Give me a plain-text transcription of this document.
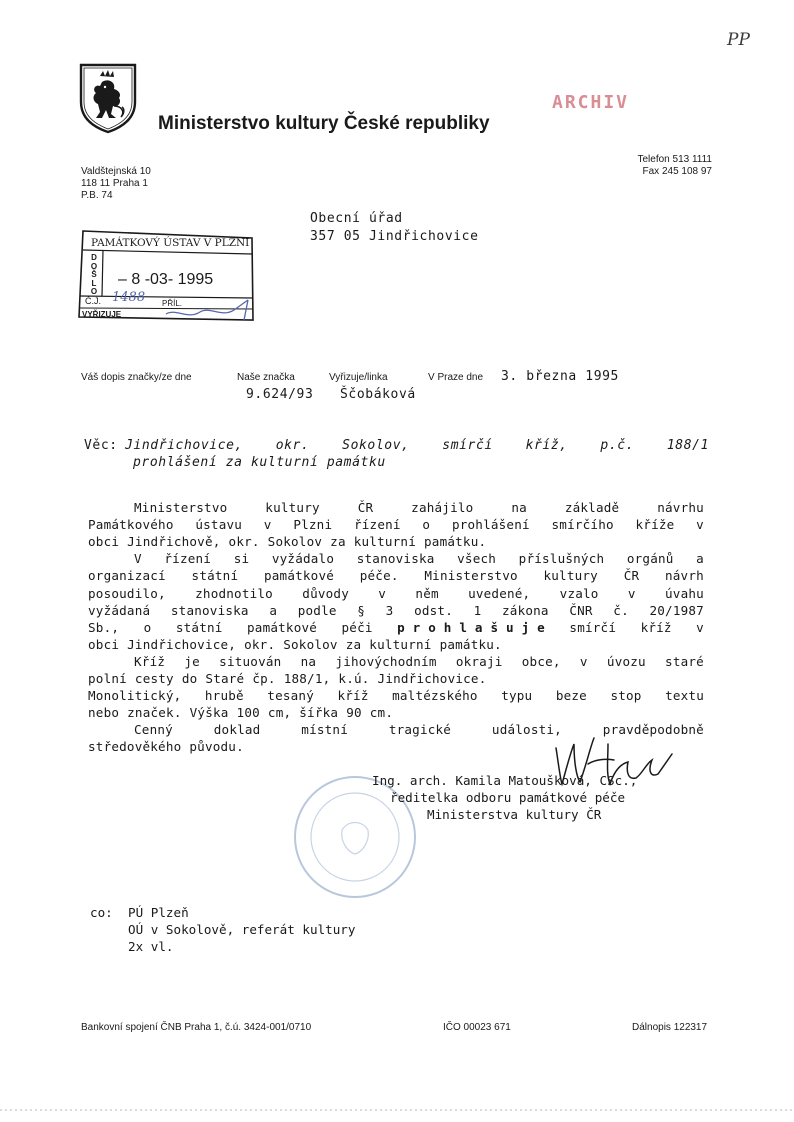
PP
Ministerstvo kultury České republiky
ARCHIV
Valdštejnská 10
118 11 Praha 1
P.B. 74
Telefon 513 1111
Fax 245 108 97
Obecní úřad
357 05 Jindřichovice
PAMÁTKOVÝ ÚSTAV V PLZNI
D
O
Š
L
O
– 8 -03- 1995
Č.J. 1488 PŘÍL.
VYŘIZUJE
Váš dopis značky/ze dne	Naše značka	Vyřizuje/linka	V Praze dne 3. března 1995
9.624/93 Ščobáková
Věc: Jindřichovice,	okr.	Sokolov,	smírčí	kříž,	p.č.	188/1
prohlášení za kulturní památku
Ministerstvo	kultury	ČR	zahájilo	na	základě	návrhu
Památkového ústavu v Plzni řízení o prohlášení smírčího kříže v
obci Jindřichově, okr. Sokolov za kulturní památku.
V řízení si vyžádalo stanoviska všech příslušných orgánů a
organizací státní památkové péče. Ministerstvo kultury ČR návrh
posoudilo, zhodnotilo důvody v něm uvedené, vzalo v úvahu
vyžádaná stanoviska a podle § 3 odst. 1 zákona ČNR č. 20/1987
Sb., o státní památkové péči p r o h l a š u j e smírčí kříž v
obci Jindřichovice, okr. Sokolov za kulturní památku.
Kříž je situován na jihovýchodním okraji obce, v úvozu staré
polní cesty do Staré čp. 188/1, k.ú. Jindřichovice.
Monolitický, hrubě tesaný kříž maltézského typu beze stop textu
nebo značek. Výška 100 cm, šířka 90 cm.
Cenný	doklad	místní	tragické	události,	pravděpodobně
středověkého původu.
Ing. arch. Kamila Matoušková, CSc.,
ředitelka odboru památkové péče
Ministerstva kultury ČR
co: PÚ Plzeň
OÚ v Sokolově, referát kultury
2x vl.
Bankovní spojení ČNB Praha 1, č.ú. 3424-001/0710	IČO 00023 671	Dálnopis 122317
